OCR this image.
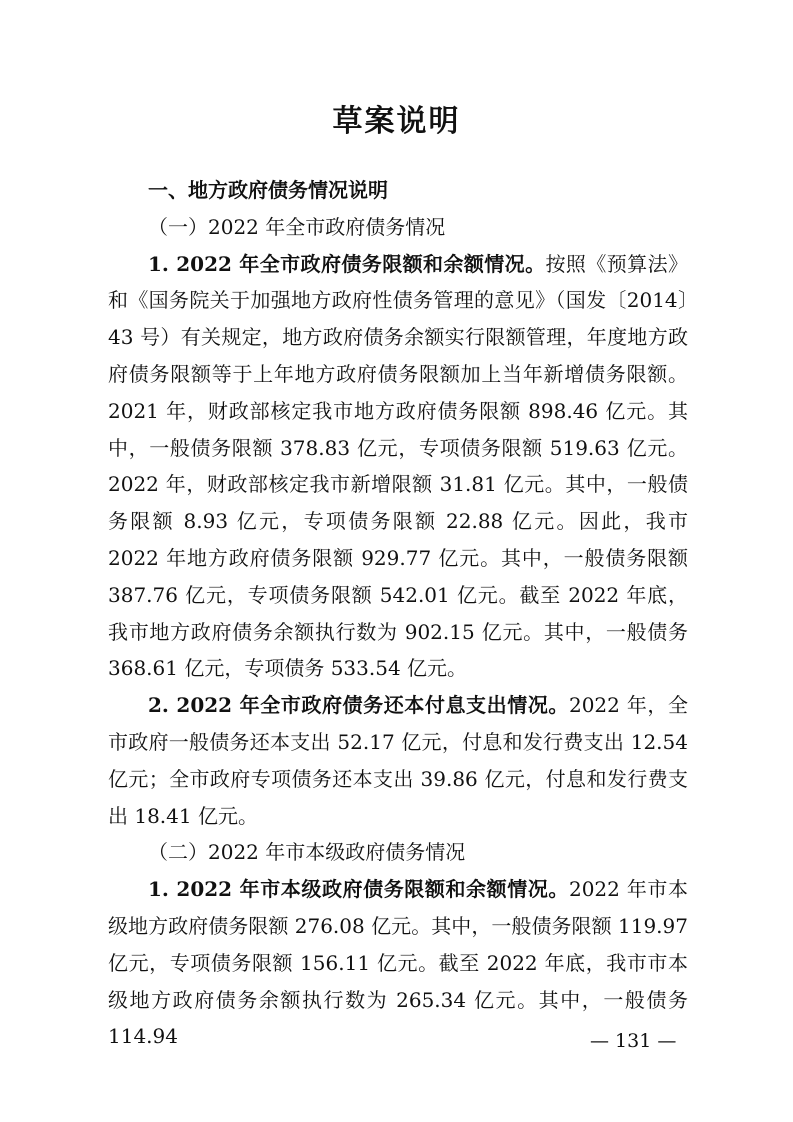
草案说明

一、地方政府债务情况说明

（一）2022 年全市政府债务情况

1. 2022 年全市政府债务限额和余额情况。按照《预算法》和《国务院关于加强地方政府性债务管理的意见》（国发〔2014〕43 号）有关规定，地方政府债务余额实行限额管理，年度地方政府债务限额等于上年地方政府债务限额加上当年新增债务限额。2021 年，财政部核定我市地方政府债务限额 898.46 亿元。其中，一般债务限额 378.83 亿元，专项债务限额 519.63 亿元。2022 年，财政部核定我市新增限额 31.81 亿元。其中，一般债务限额 8.93 亿元，专项债务限额 22.88 亿元。因此，我市 2022 年地方政府债务限额 929.77 亿元。其中，一般债务限额 387.76 亿元，专项债务限额 542.01 亿元。截至 2022 年底，我市地方政府债务余额执行数为 902.15 亿元。其中，一般债务 368.61 亿元，专项债务 533.54 亿元。

2. 2022 年全市政府债务还本付息支出情况。2022 年，全市政府一般债务还本支出 52.17 亿元，付息和发行费支出 12.54 亿元；全市政府专项债务还本支出 39.86 亿元，付息和发行费支出 18.41 亿元。

（二）2022 年市本级政府债务情况

1. 2022 年市本级政府债务限额和余额情况。2022 年市本级地方政府债务限额 276.08 亿元。其中，一般债务限额 119.97 亿元，专项债务限额 156.11 亿元。截至 2022 年底，我市市本级地方政府债务余额执行数为 265.34 亿元。其中，一般债务 114.94	— 131 —
